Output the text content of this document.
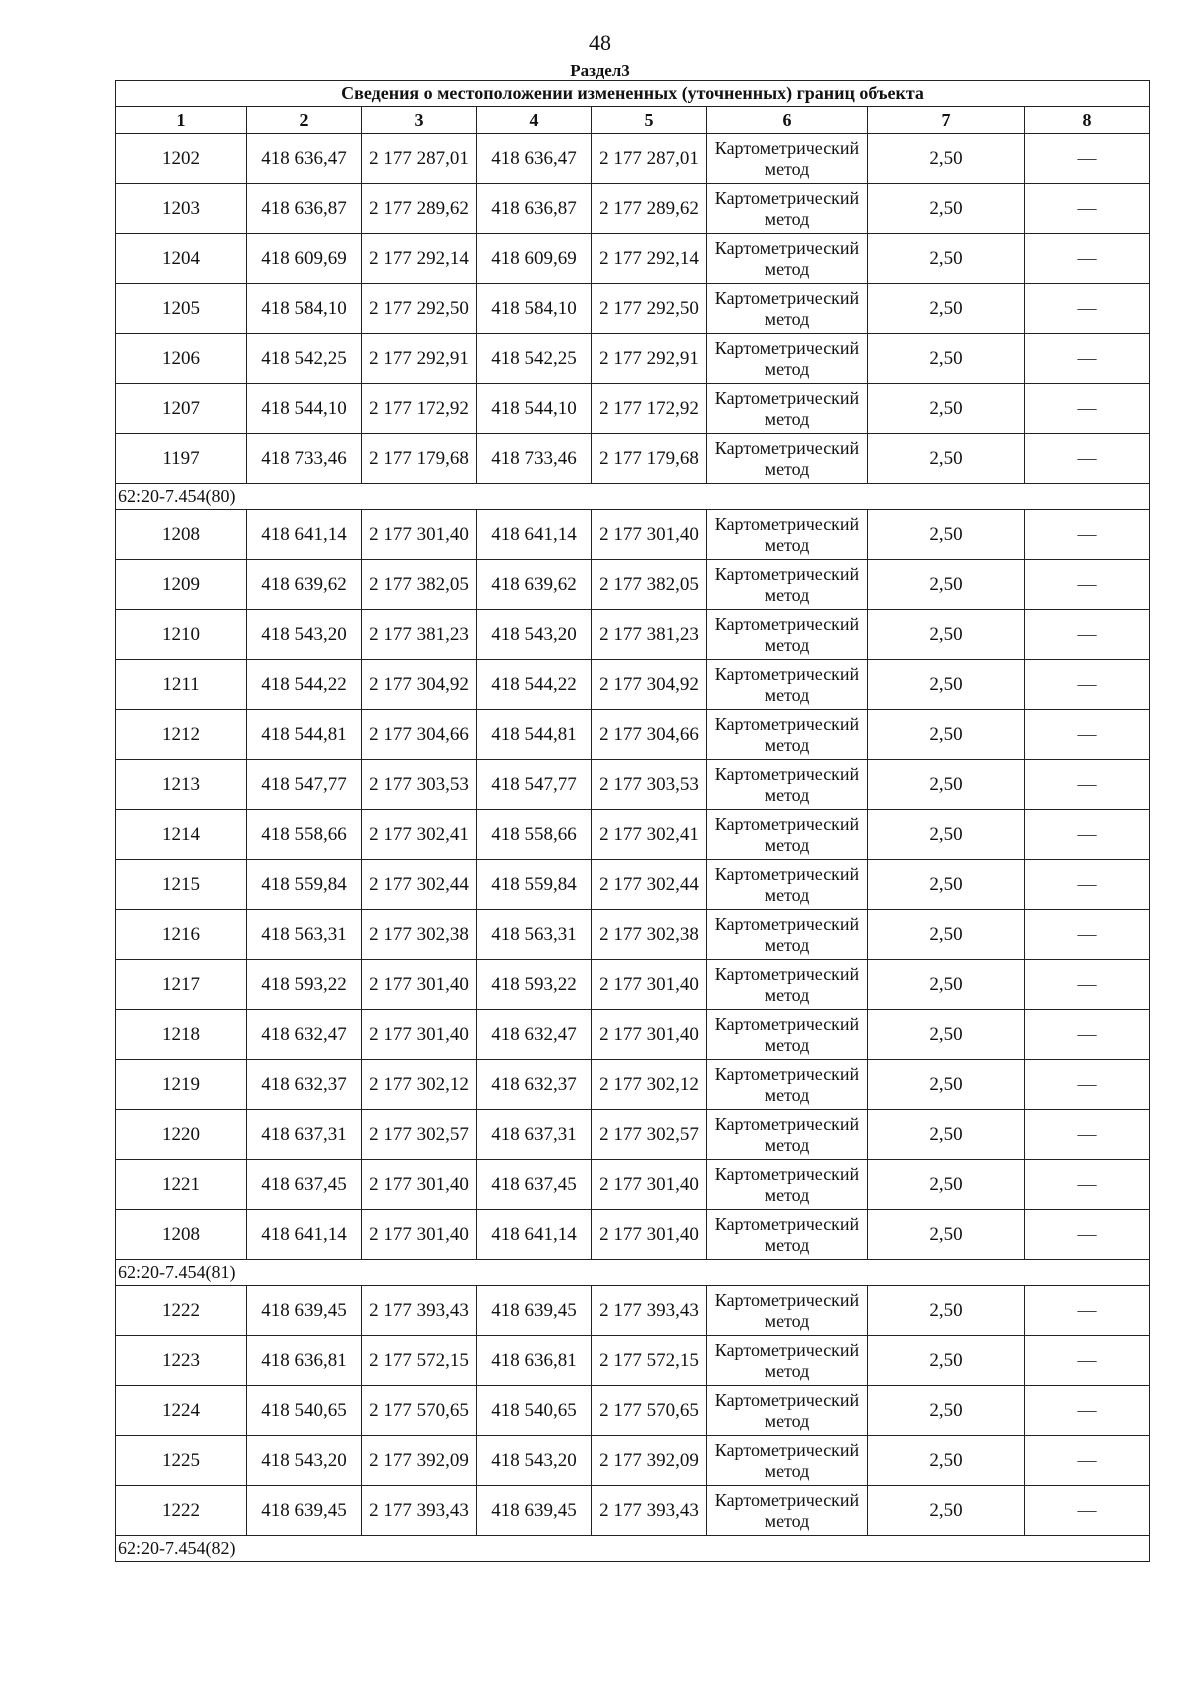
48
Раздел3
Сведения о местоположении измененных (уточненных) границ объекта							
1	2	3	4	5	6	7	8
1202	418 636,47	2 177 287,01	418 636,47	2 177 287,01	Картометрический метод	2,50	—
1203	418 636,87	2 177 289,62	418 636,87	2 177 289,62	Картометрический метод	2,50	—
1204	418 609,69	2 177 292,14	418 609,69	2 177 292,14	Картометрический метод	2,50	—
1205	418 584,10	2 177 292,50	418 584,10	2 177 292,50	Картометрический метод	2,50	—
1206	418 542,25	2 177 292,91	418 542,25	2 177 292,91	Картометрический метод	2,50	—
1207	418 544,10	2 177 172,92	418 544,10	2 177 172,92	Картометрический метод	2,50	—
1197	418 733,46	2 177 179,68	418 733,46	2 177 179,68	Картометрический метод	2,50	—
62:20-7.454(80)							
1208	418 641,14	2 177 301,40	418 641,14	2 177 301,40	Картометрический метод	2,50	—
1209	418 639,62	2 177 382,05	418 639,62	2 177 382,05	Картометрический метод	2,50	—
1210	418 543,20	2 177 381,23	418 543,20	2 177 381,23	Картометрический метод	2,50	—
1211	418 544,22	2 177 304,92	418 544,22	2 177 304,92	Картометрический метод	2,50	—
1212	418 544,81	2 177 304,66	418 544,81	2 177 304,66	Картометрический метод	2,50	—
1213	418 547,77	2 177 303,53	418 547,77	2 177 303,53	Картометрический метод	2,50	—
1214	418 558,66	2 177 302,41	418 558,66	2 177 302,41	Картометрический метод	2,50	—
1215	418 559,84	2 177 302,44	418 559,84	2 177 302,44	Картометрический метод	2,50	—
1216	418 563,31	2 177 302,38	418 563,31	2 177 302,38	Картометрический метод	2,50	—
1217	418 593,22	2 177 301,40	418 593,22	2 177 301,40	Картометрический метод	2,50	—
1218	418 632,47	2 177 301,40	418 632,47	2 177 301,40	Картометрический метод	2,50	—
1219	418 632,37	2 177 302,12	418 632,37	2 177 302,12	Картометрический метод	2,50	—
1220	418 637,31	2 177 302,57	418 637,31	2 177 302,57	Картометрический метод	2,50	—
1221	418 637,45	2 177 301,40	418 637,45	2 177 301,40	Картометрический метод	2,50	—
1208	418 641,14	2 177 301,40	418 641,14	2 177 301,40	Картометрический метод	2,50	—
62:20-7.454(81)							
1222	418 639,45	2 177 393,43	418 639,45	2 177 393,43	Картометрический метод	2,50	—
1223	418 636,81	2 177 572,15	418 636,81	2 177 572,15	Картометрический метод	2,50	—
1224	418 540,65	2 177 570,65	418 540,65	2 177 570,65	Картометрический метод	2,50	—
1225	418 543,20	2 177 392,09	418 543,20	2 177 392,09	Картометрический метод	2,50	—
1222	418 639,45	2 177 393,43	418 639,45	2 177 393,43	Картометрический метод	2,50	—
62:20-7.454(82)							
